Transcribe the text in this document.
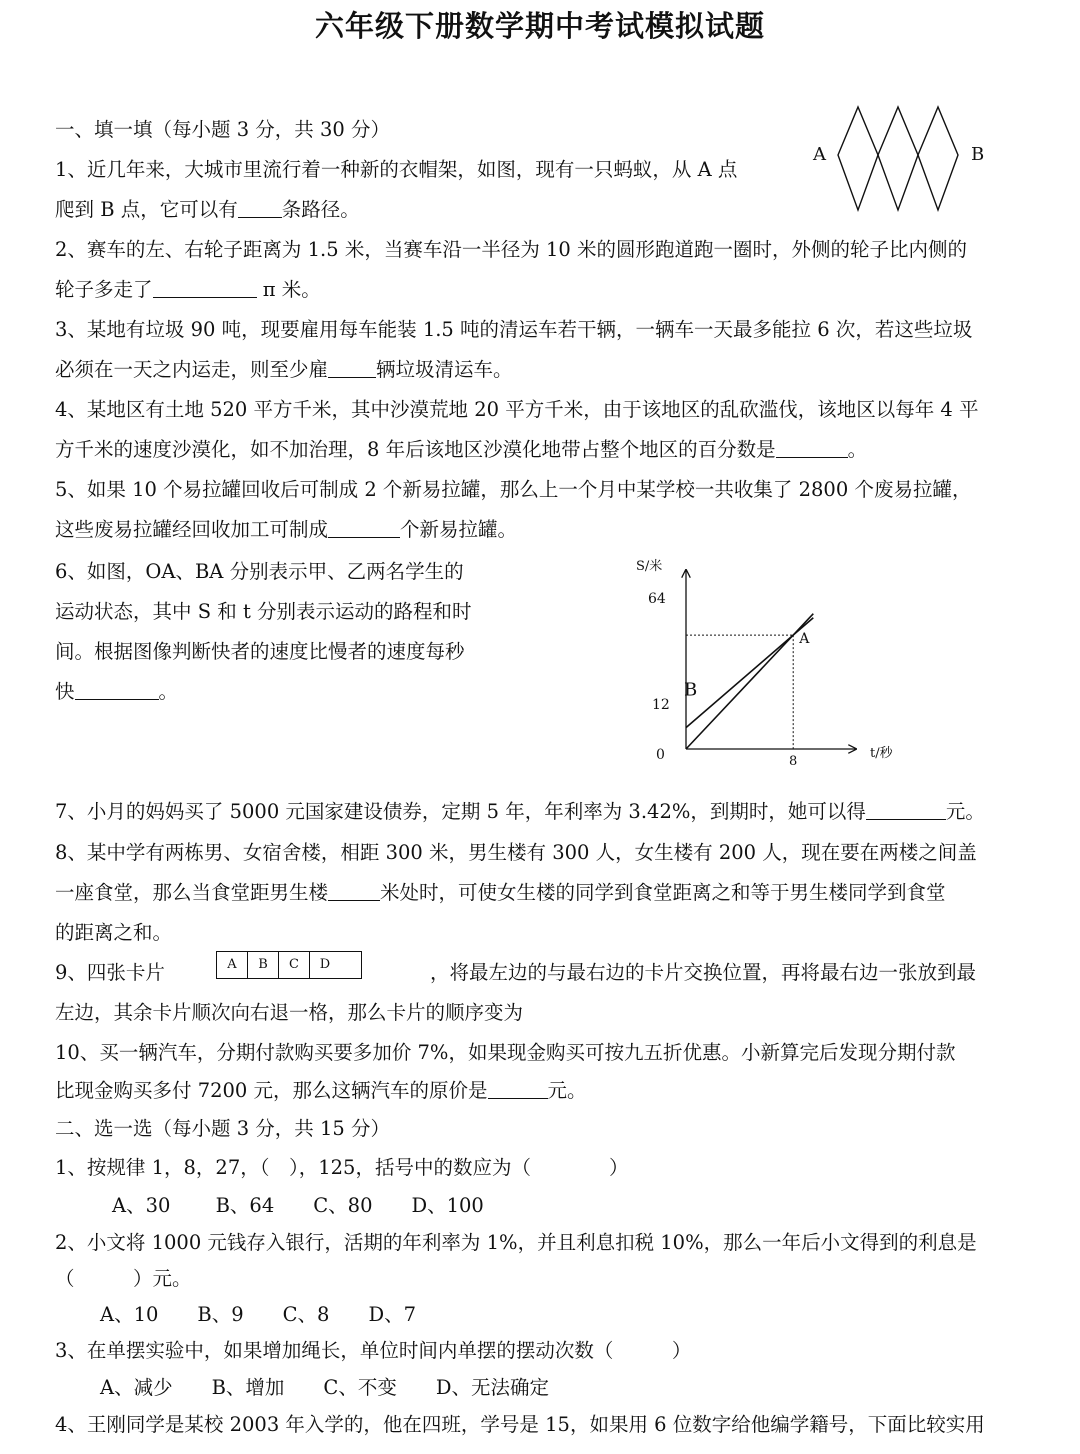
六年级下册数学期中考试模拟试题
一、填一填（每小题 3 分，共 30 分）
1、近几年来，大城市里流行着一种新的衣帽架，如图，现有一只蚂蚁，从 A 点
爬到 B 点，它可以有 条路径。
A	B
2、赛车的左、右轮子距离为 1.5 米，当赛车沿一半径为 10 米的圆形跑道跑一圈时，外侧的轮子比内侧的
轮子多走了	π 米。
3、某地有垃圾 90 吨，现要雇用每车能装 1.5 吨的清运车若干辆，一辆车一天最多能拉 6 次，若这些垃圾
必须在一天之内运走，则至少雇 辆垃圾清运车。
4、某地区有土地 520 平方千米，其中沙漠荒地 20 平方千米，由于该地区的乱砍滥伐，该地区以每年 4 平
方千米的速度沙漠化，如不加治理，8 年后该地区沙漠化地带占整个地区的百分数是	。
5、如果 10 个易拉罐回收后可制成 2 个新易拉罐，那么上一个月中某学校一共收集了 2800 个废易拉罐，
这些废易拉罐经回收加工可制成	个新易拉罐。
6、如图，OA、BA 分别表示甲、乙两名学生的
运动状态，其中 S 和 t 分别表示运动的路程和时
间。根据图像判断快者的速度比慢者的速度每秒
快	。
S/米
t/秒
0	8
12
64
A
B
7、小月的妈妈买了 5000 元国家建设债券，定期 5 年，年利率为 3.42%，到期时，她可以得	元。
8、某中学有两栋男、女宿舍楼，相距 300 米，男生楼有 300 人，女生楼有 200 人，现在要在两楼之间盖
一座食堂，那么当食堂距男生楼	米处时，可使女生楼的同学到食堂距离之和等于男生楼同学到食堂
的距离之和。
9、四张卡片	A	B	C	D	，将最左边的与最右边的卡片交换位置，再将最右边一张放到最
左边，其余卡片顺次向右退一格，那么卡片的顺序变为
10、买一辆汽车，分期付款购买要多加价 7%，如果现金购买可按九五折优惠。小新算完后发现分期付款
比现金购买多付 7200 元，那么这辆汽车的原价是	元。
二、选一选（每小题 3 分，共 15 分）
1、按规律 1，8，27，（　），125，括号中的数应为（　　　　）
A、30　　 B、64　　C、80　　D、100
2、小文将 1000 元钱存入银行，活期的年利率为 1%，并且利息扣税 10%，那么一年后小文得到的利息是
（　　　）元。
A、10　　B、9　　C、8　　D、7
3、在单摆实验中，如果增加绳长，单位时间内单摆的摆动次数（　　　）
A、减少　　B、增加　　C、不变　　D、无法确定
4、王刚同学是某校 2003 年入学的，他在四班，学号是 15，如果用 6 位数字给他编学籍号，下面比较实用
